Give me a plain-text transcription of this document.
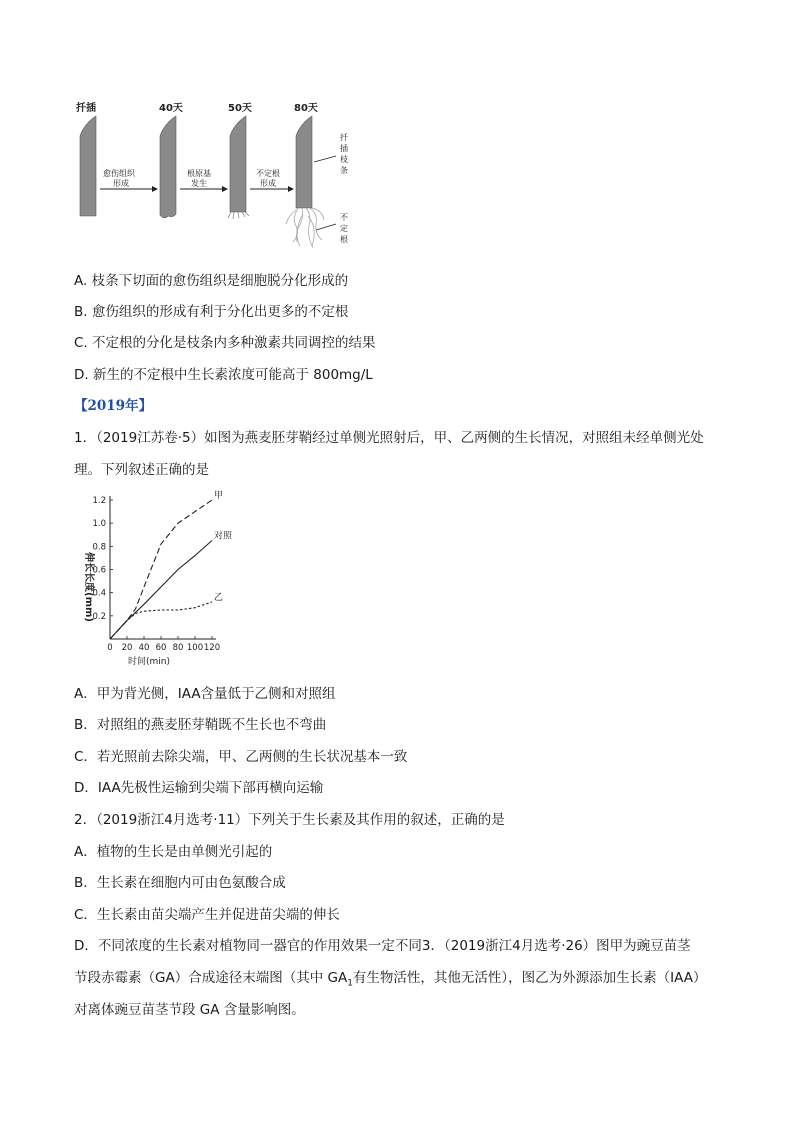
扦插	40天	50天	80天
愈伤组织
形成
根原基
发生
不定根
形成
扦
插
枝
条
不
定
根
A. 枝条下切面的愈伤组织是细胞脱分化形成的
B. 愈伤组织的形成有利于分化出更多的不定根
C. 不定根的分化是枝条内多种激素共同调控的结果
D. 新生的不定根中生长素浓度可能高于 800mg/L
【2019年】
1．（2019江苏卷·5）如图为燕麦胚芽鞘经过单侧光照射后，甲、乙两侧的生长情况，对照组未经单侧光处
理。下列叙述正确的是
伸长长度(mm)
时间(min)
0.2
0.4
0.6
0.8
1.0
1.2
0 20 40 60 80 100 120
甲
对照
乙
A．甲为背光侧，IAA含量低于乙侧和对照组
B．对照组的燕麦胚芽鞘既不生长也不弯曲
C．若光照前去除尖端，甲、乙两侧的生长状况基本一致
D．IAA先极性运输到尖端下部再横向运输
2．（2019浙江4月选考·11）下列关于生长素及其作用的叙述，正确的是
A．植物的生长是由单侧光引起的
B．生长素在细胞内可由色氨酸合成
C．生长素由苗尖端产生并促进苗尖端的伸长
D．不同浓度的生长素对植物同一器官的作用效果一定不同3．（2019浙江4月选考·26）图甲为豌豆苗茎
节段赤霉素（GA）合成途径末端图（其中 $GA_1$有生物活性，其他无活性），图乙为外源添加生长素（IAA）
对离体豌豆苗茎节段 GA 含量影响图。
